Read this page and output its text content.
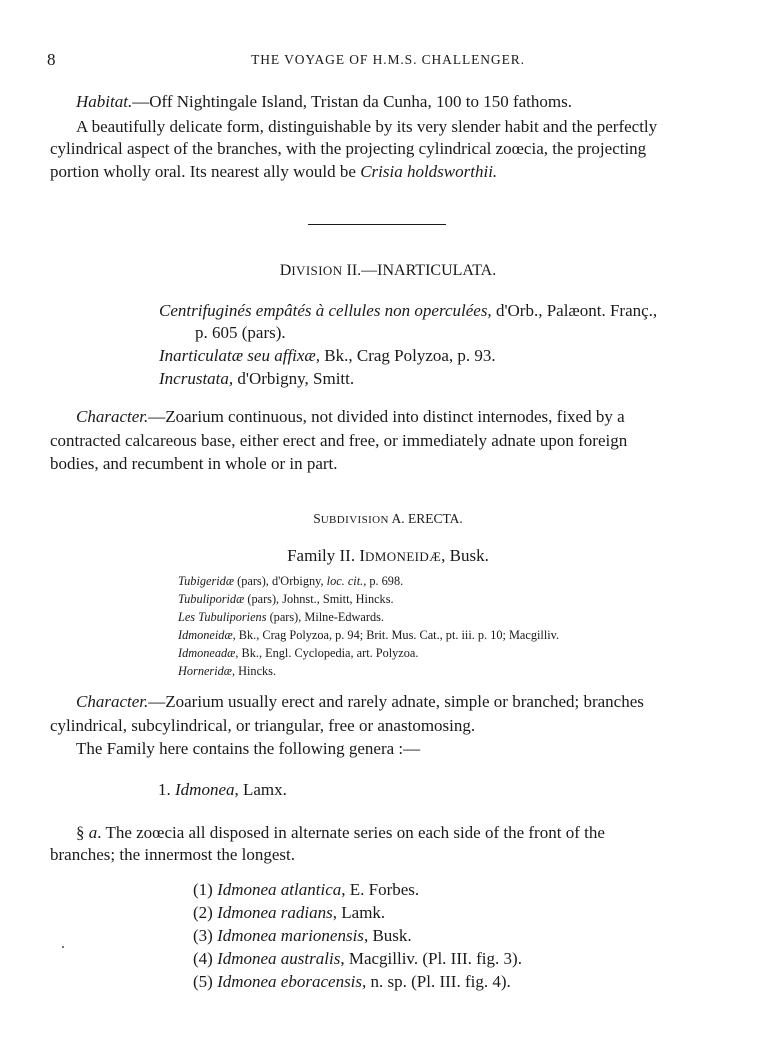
8	THE VOYAGE OF H.M.S. CHALLENGER.
Habitat.—Off Nightingale Island, Tristan da Cunha, 100 to 150 fathoms.
A beautifully delicate form, distinguishable by its very slender habit and the perfectly
cylindrical aspect of the branches, with the projecting cylindrical zoœcia, the projecting
portion wholly oral. Its nearest ally would be Crisia holdsworthii.
DIVISION II.—INARTICULATA.
Centrifuginés empâtés à cellules non operculées, d'Orb., Palæont. Franç.,
p. 605 (pars).
Inarticulatæ seu affixæ, Bk., Crag Polyzoa, p. 93.
Incrustata, d'Orbigny, Smitt.
Character.—Zoarium continuous, not divided into distinct internodes, fixed by a
contracted calcareous base, either erect and free, or immediately adnate upon foreign
bodies, and recumbent in whole or in part.
SUBDIVISION A. ERECTA.
Family II. IDMONEIDÆ, Busk.
Tubigeridæ (pars), d'Orbigny, loc. cit., p. 698.
Tubuliporidæ (pars), Johnst., Smitt, Hincks.
Les Tubuliporiens (pars), Milne-Edwards.
Idmoneidæ, Bk., Crag Polyzoa, p. 94; Brit. Mus. Cat., pt. iii. p. 10; Macgilliv.
Idmoneadæ, Bk., Engl. Cyclopedia, art. Polyzoa.
Horneridæ, Hincks.
Character.—Zoarium usually erect and rarely adnate, simple or branched; branches
cylindrical, subcylindrical, or triangular, free or anastomosing.
The Family here contains the following genera :—
1. Idmonea, Lamx.
§ a. The zoœcia all disposed in alternate series on each side of the front of the
branches; the innermost the longest.
(1) Idmonea atlantica, E. Forbes.
(2) Idmonea radians, Lamk.
(3) Idmonea marionensis, Busk.
(4) Idmonea australis, Macgilliv. (Pl. III. fig. 3).
(5) Idmonea eboracensis, n. sp. (Pl. III. fig. 4).
